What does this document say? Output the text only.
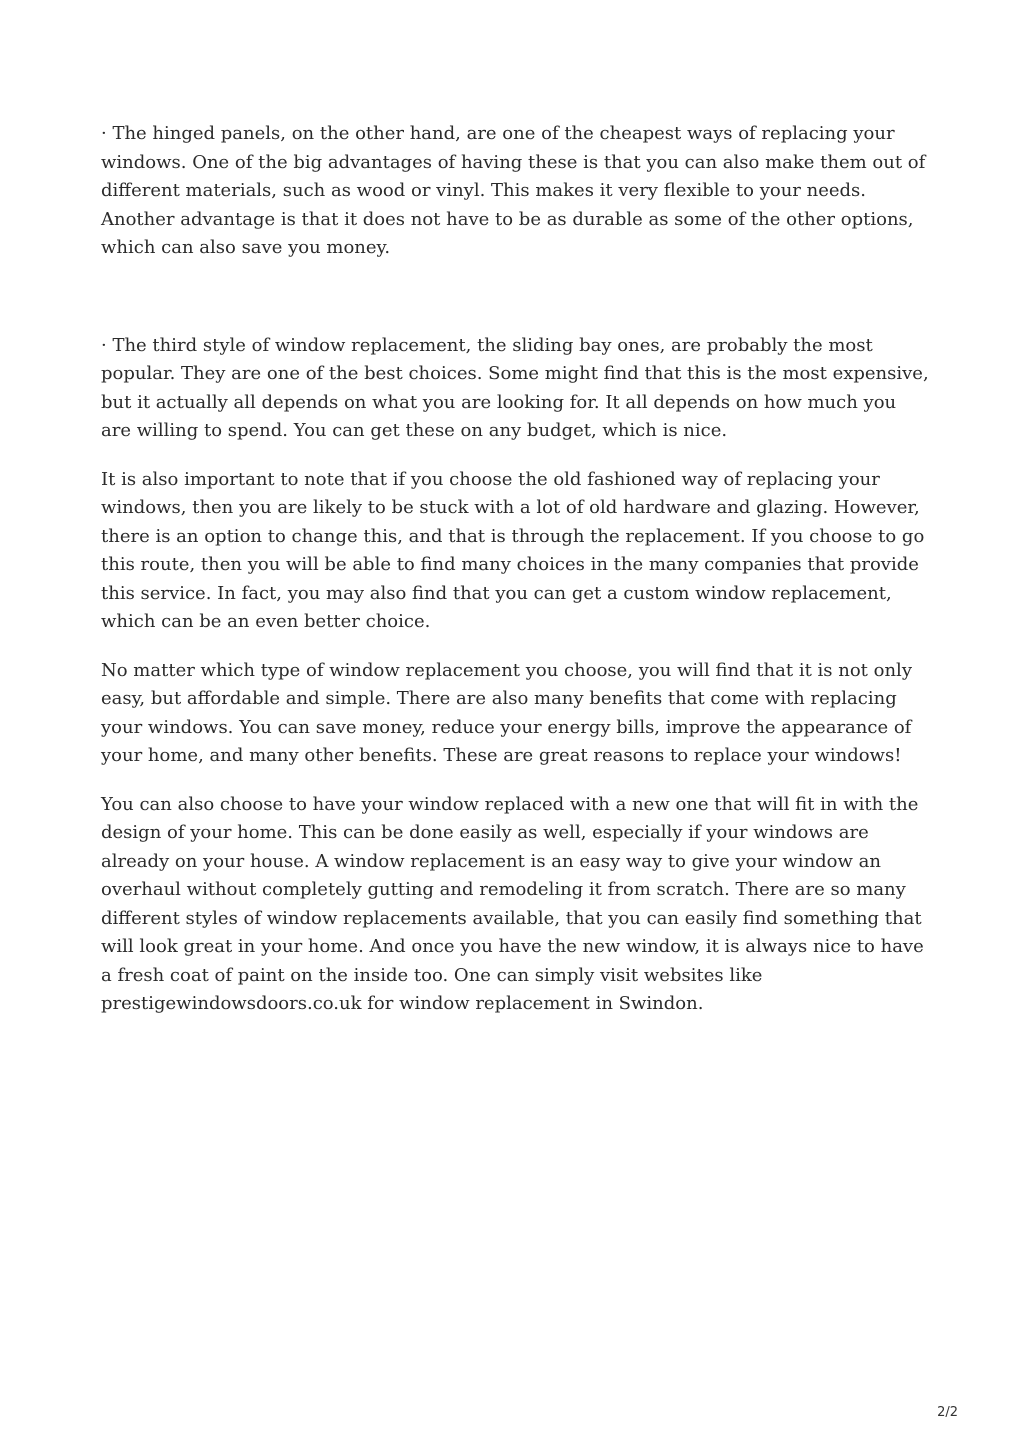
· The hinged panels, on the other hand, are one of the cheapest ways of replacing your windows. One of the big advantages of having these is that you can also make them out of different materials, such as wood or vinyl. This makes it very flexible to your needs. Another advantage is that it does not have to be as durable as some of the other options, which can also save you money.

· The third style of window replacement, the sliding bay ones, are probably the most popular. They are one of the best choices. Some might find that this is the most expensive, but it actually all depends on what you are looking for. It all depends on how much you are willing to spend. You can get these on any budget, which is nice.

It is also important to note that if you choose the old fashioned way of replacing your windows, then you are likely to be stuck with a lot of old hardware and glazing. However, there is an option to change this, and that is through the replacement. If you choose to go this route, then you will be able to find many choices in the many companies that provide this service. In fact, you may also find that you can get a custom window replacement, which can be an even better choice.

No matter which type of window replacement you choose, you will find that it is not only easy, but affordable and simple. There are also many benefits that come with replacing your windows. You can save money, reduce your energy bills, improve the appearance of your home, and many other benefits. These are great reasons to replace your windows!

You can also choose to have your window replaced with a new one that will fit in with the design of your home. This can be done easily as well, especially if your windows are already on your house. A window replacement is an easy way to give your window an overhaul without completely gutting and remodeling it from scratch. There are so many different styles of window replacements available, that you can easily find something that will look great in your home. And once you have the new window, it is always nice to have a fresh coat of paint on the inside too. One can simply visit websites like prestigewindowsdoors.co.uk for window replacement in Swindon.

2/2
